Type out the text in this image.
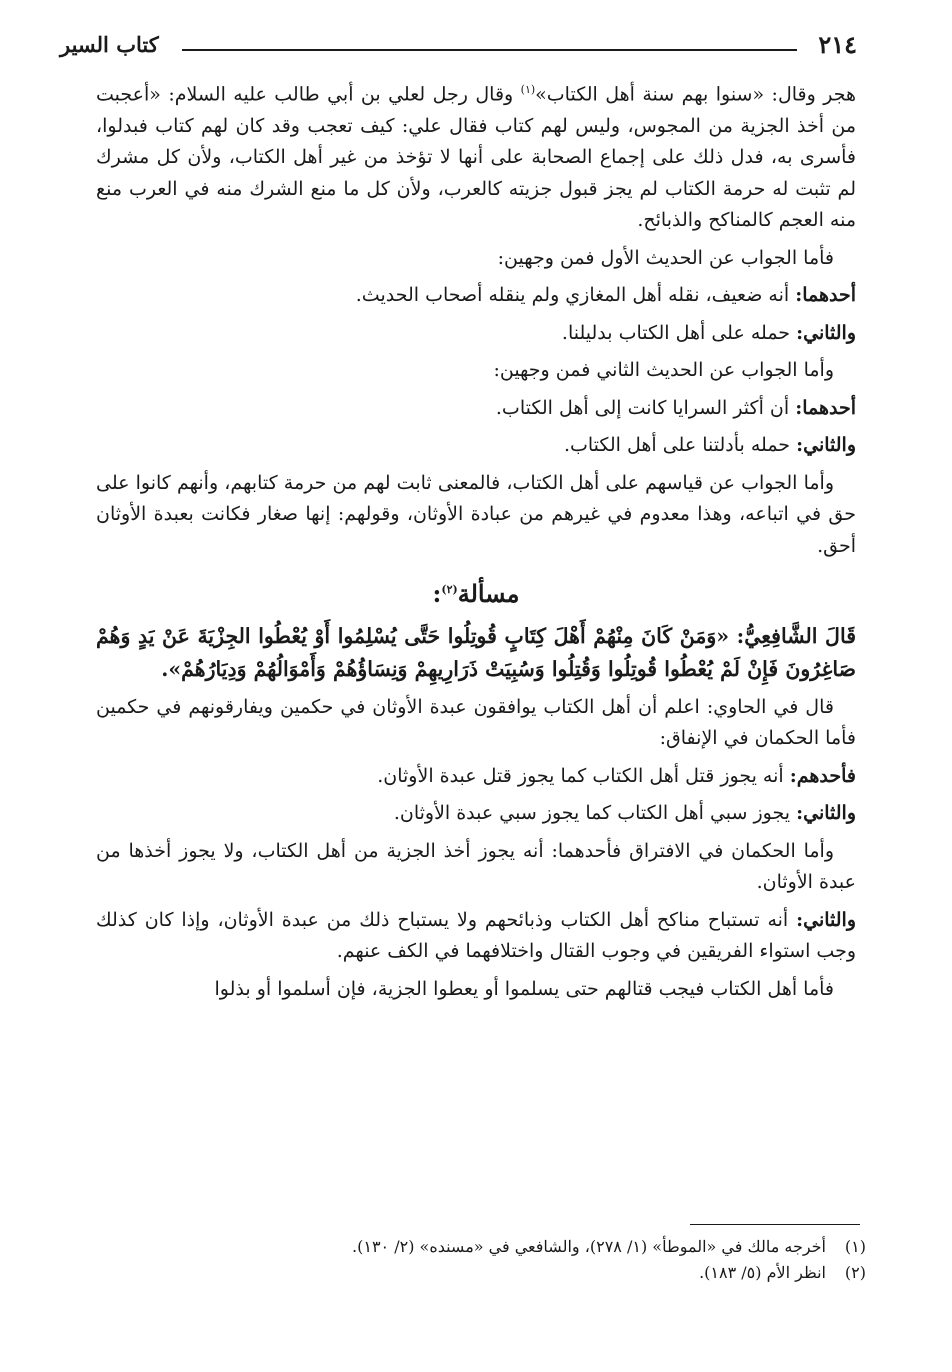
٢١٤
كتاب السير

هجر وقال: «سنوا بهم سنة أهل الكتاب»$^{(١)}$ وقال رجل لعلي بن أبي طالب عليه السلام: «أعجبت من أخذ الجزية من المجوس، وليس لهم كتاب فقال علي: كيف تعجب وقد كان لهم كتاب فبدلوا، فأسرى به، فدل ذلك على إجماع الصحابة على أنها لا تؤخذ من غير أهل الكتاب، ولأن كل مشرك لم تثبت له حرمة الكتاب لم يجز قبول جزيته كالعرب، ولأن كل ما منع الشرك منه في العرب منع منه العجم كالمناكح والذبائح.

فأما الجواب عن الحديث الأول فمن وجهين:

أحدهما: أنه ضعيف، نقله أهل المغازي ولم ينقله أصحاب الحديث.

والثاني: حمله على أهل الكتاب بدليلنا.

وأما الجواب عن الحديث الثاني فمن وجهين:

أحدهما: أن أكثر السرايا كانت إلى أهل الكتاب.

والثاني: حمله بأدلتنا على أهل الكتاب.

وأما الجواب عن قياسهم على أهل الكتاب، فالمعنى ثابت لهم من حرمة كتابهم، وأنهم كانوا على حق في اتباعه، وهذا معدوم في غيرهم من عبادة الأوثان، وقولهم: إنها صغار فكانت بعبدة الأوثان أحق.

مسألة$^{(٢)}$:

قَالَ الشَّافِعِيُّ: «وَمَنْ كَانَ مِنْهُمْ أَهْلَ كِتَابٍ قُوتِلُوا حَتَّى يُسْلِمُوا أَوْ يُعْطُوا الجِزْيَةَ عَنْ يَدٍ وَهُمْ صَاغِرُونَ فَإِنْ لَمْ يُعْطُوا قُوتِلُوا وَقُتِلُوا وَسُبِيَتْ ذَرَارِيهِمْ وَنِسَاؤُهُمْ وَأَمْوَالُهُمْ وَدِيَارُهُمْ».

قال في الحاوي: اعلم أن أهل الكتاب يوافقون عبدة الأوثان في حكمين ويفارقونهم في حكمين فأما الحكمان في الإنفاق:

فأحدهم: أنه يجوز قتل أهل الكتاب كما يجوز قتل عبدة الأوثان.

والثاني: يجوز سبي أهل الكتاب كما يجوز سبي عبدة الأوثان.

وأما الحكمان في الافتراق فأحدهما: أنه يجوز أخذ الجزية من أهل الكتاب، ولا يجوز أخذها من عبدة الأوثان.

والثاني: أنه تستباح مناكح أهل الكتاب وذبائحهم ولا يستباح ذلك من عبدة الأوثان، وإذا كان كذلك وجب استواء الفريقين في وجوب القتال واختلافهما في الكف عنهم.

فأما أهل الكتاب فيجب قتالهم حتى يسلموا أو يعطوا الجزية، فإن أسلموا أو بذلوا

(١)
أخرجه مالك في «الموطأ» (١/ ٢٧٨)، والشافعي في «مسنده» (٢/ ١٣٠).
(٢)
انظر الأم (٥/ ١٨٣).
